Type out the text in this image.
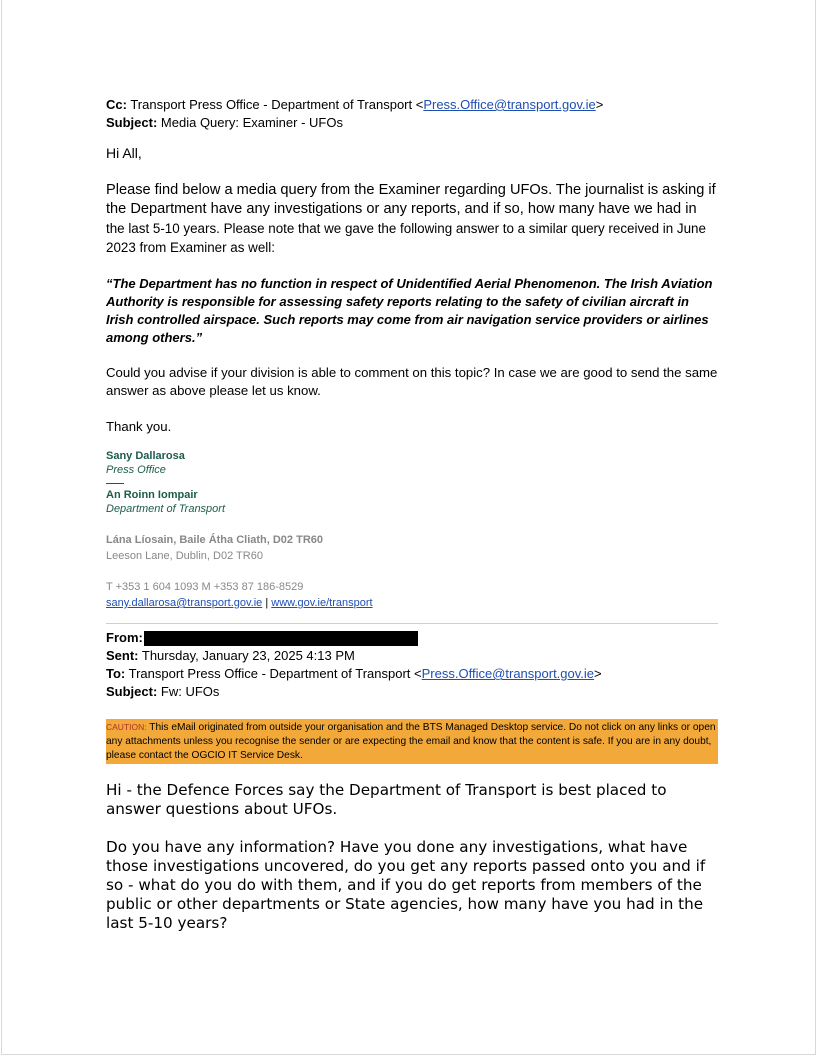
Cc: Transport Press Office - Department of Transport <Press.Office@transport.gov.ie>
Subject: Media Query: Examiner - UFOs
Hi All,
Please find below a media query from the Examiner regarding UFOs. The journalist is asking if the Department have any investigations or any reports, and if so, how many have we had in the last 5-10 years. Please note that we gave the following answer to a similar query received in June 2023 from Examiner as well:
“The Department has no function in respect of Unidentified Aerial Phenomenon. The Irish Aviation Authority is responsible for assessing safety reports relating to the safety of civilian aircraft in Irish controlled airspace. Such reports may come from air navigation service providers or airlines among others.”
Could you advise if your division is able to comment on this topic? In case we are good to send the same answer as above please let us know.
Thank you.
Sany Dallarosa
Press Office
An Roinn Iompair
Department of Transport
Lána Líosain, Baile Átha Cliath, D02 TR60
Leeson Lane, Dublin, D02 TR60
T +353 1 604 1093 M +353 87 186-8529
sany.dallarosa@transport.gov.ie | www.gov.ie/transport
From:
Sent: Thursday, January 23, 2025 4:13 PM
To: Transport Press Office - Department of Transport <Press.Office@transport.gov.ie>
Subject: Fw: UFOs
CAUTION: This eMail originated from outside your organisation and the BTS Managed Desktop service. Do not click on any links or open any attachments unless you recognise the sender or are expecting the email and know that the content is safe. If you are in any doubt, please contact the OGCIO IT Service Desk.
Hi - the Defence Forces say the Department of Transport is best placed to answer questions about UFOs.
Do you have any information? Have you done any investigations, what have those investigations uncovered, do you get any reports passed onto you and if so - what do you do with them, and if you do get reports from members of the public or other departments or State agencies, how many have you had in the last 5-10 years?
